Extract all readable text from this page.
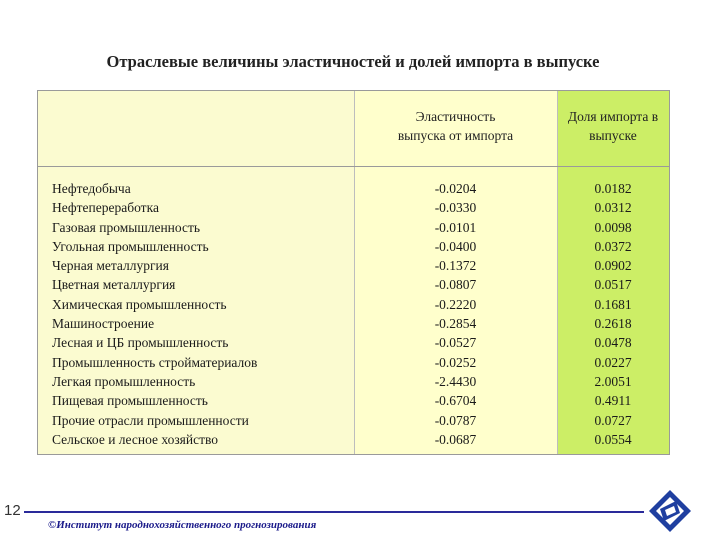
Отраслевые величины эластичностей и долей импорта в выпуске
Эластичность
выпуска от импорта
Доля импорта в
выпуске
Нефтедобыча
Нефтепереработка
Газовая промышленность
Угольная промышленность
Черная металлургия
Цветная металлургия
Химическая промышленность
Машиностроение
Лесная и ЦБ промышленность
Промышленность стройматериалов
Легкая промышленность
Пищевая промышленность
Прочие отрасли промышленности
Сельское и лесное хозяйство
-0.0204
-0.0330
-0.0101
-0.0400
-0.1372
-0.0807
-0.2220
-0.2854
-0.0527
-0.0252
-2.4430
-0.6704
-0.0787
-0.0687
0.0182
0.0312
0.0098
0.0372
0.0902
0.0517
0.1681
0.2618
0.0478
0.0227
2.0051
0.4911
0.0727
0.0554
12
©Институт народнохозяйственного прогнозирования
